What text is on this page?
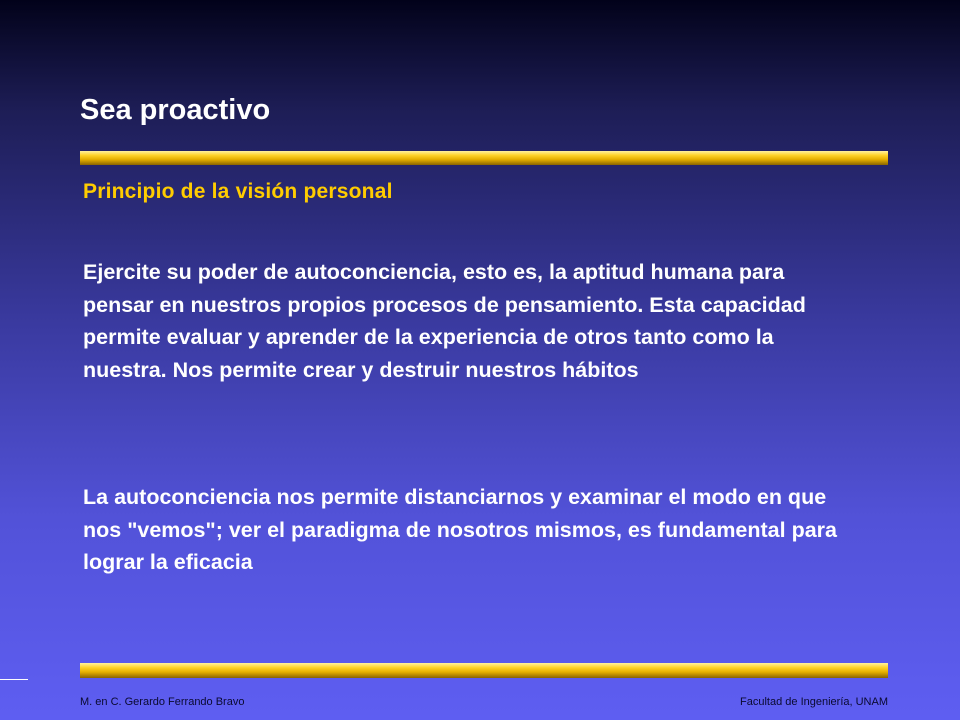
Sea proactivo
Principio de la visión personal

Ejercite su poder de autoconciencia, esto es, la aptitud humana para pensar en nuestros propios procesos de pensamiento. Esta capacidad permite evaluar y aprender de la experiencia de otros tanto como la nuestra. Nos permite crear y destruir nuestros hábitos

La autoconciencia nos permite distanciarnos y examinar el modo en que nos "vemos"; ver el paradigma de nosotros mismos, es fundamental para lograr la eficacia

M. en C. Gerardo Ferrando Bravo	Facultad de Ingeniería, UNAM
